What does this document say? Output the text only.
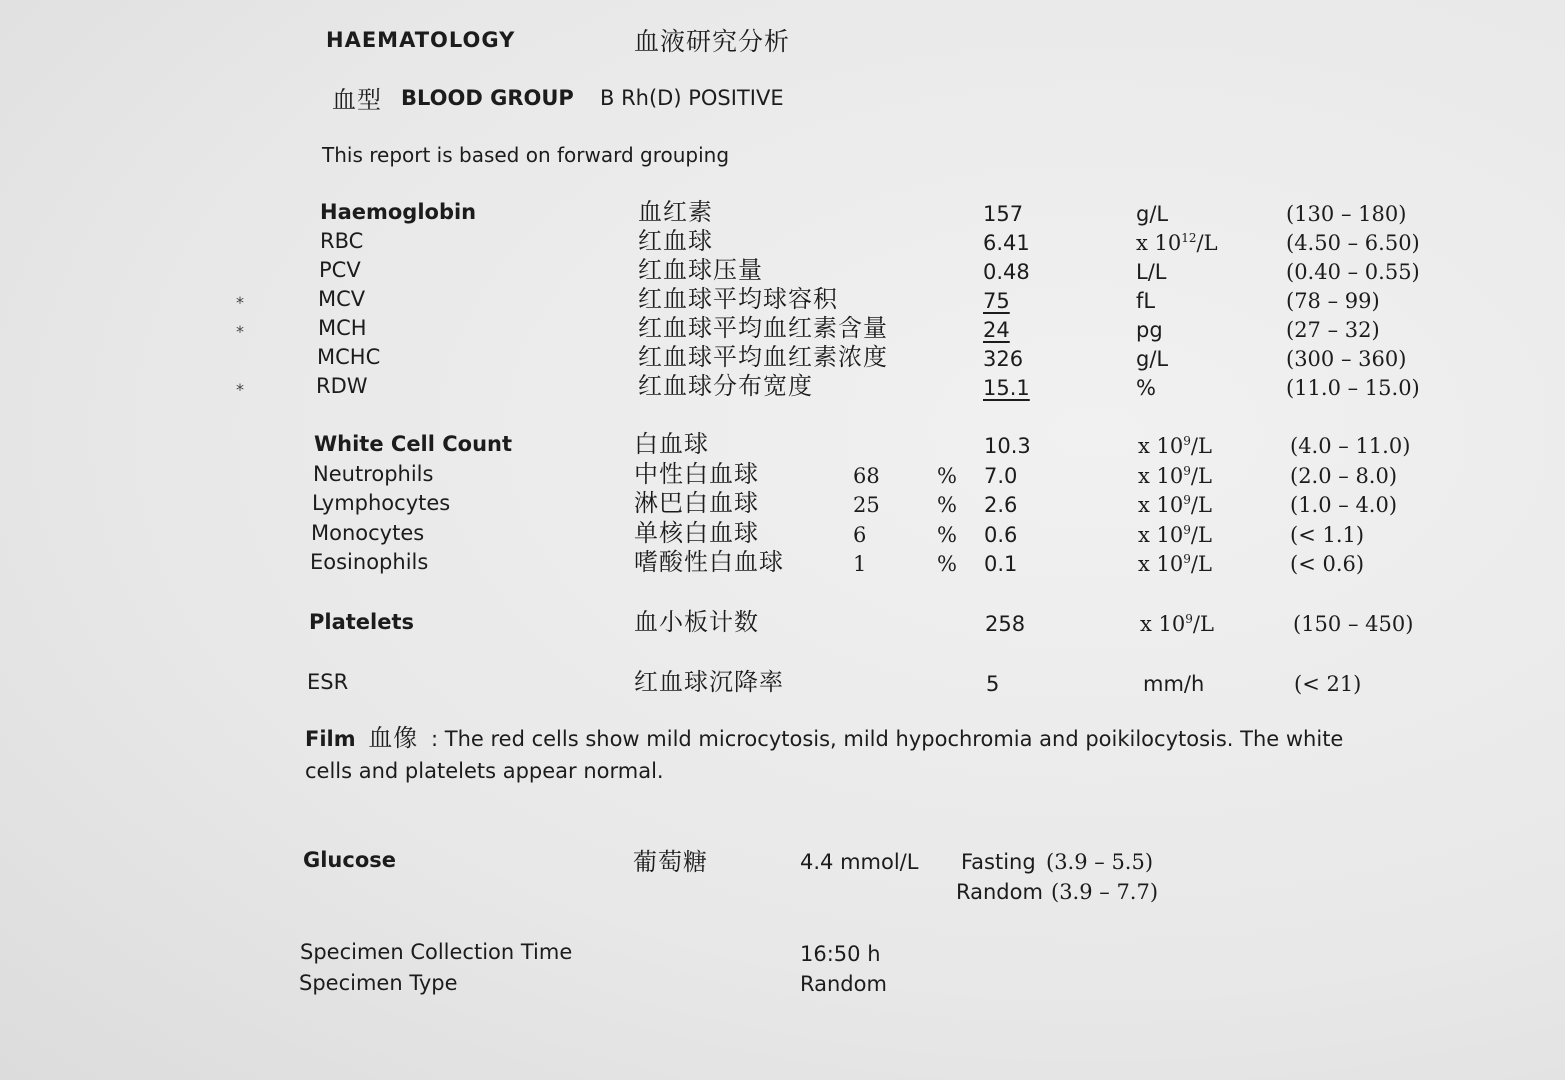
HAEMATOLOGY	血液研究分析
血型 BLOOD GROUP B Rh(D) POSITIVE
This report is based on forward grouping
Haemoglobin	血红素	157	g/L	(130 – 180)
RBC	红血球	6.41	x $10^{12}/L$	(4.50 – 6.50)
PCV	红血球压量	0.48	L/L	(0.40 – 0.55)
*	MCV	红血球平均球容积	75	fL	(78 – 99)
*	MCH	红血球平均血红素含量	24	pg	(27 – 32)
MCHC	红血球平均血红素浓度	326	g/L	(300 – 360)
*	RDW	红血球分布宽度	15.1	%	(11.0 – 15.0)
White Cell Count	白血球	10.3	x $10^9/L$	(4.0 – 11.0)
Neutrophils	中性白血球	68	% 7.0	x $10^9/L$	(2.0 – 8.0)
Lymphocytes	淋巴白血球	25	% 2.6	x $10^9/L$	(1.0 – 4.0)
Monocytes	单核白血球	6	% 0.6	x $10^9/L$	(< 1.1)
Eosinophils	嗜酸性白血球	1	% 0.1	x $10^9/L$	(< 0.6)
Platelets	血小板计数	258	x $10^9/L$	(150 – 450)
ESR	红血球沉降率	5	mm/h	(< 21)
Film 血像 : The red cells show mild microcytosis, mild hypochromia and poikilocytosis. The white cells and platelets appear normal.
Glucose	葡萄糖	4.4 mmol/L Fasting (3.9 – 5.5)
Random (3.9 – 7.7)
Specimen Collection Time	16:50 h
Specimen Type	Random
